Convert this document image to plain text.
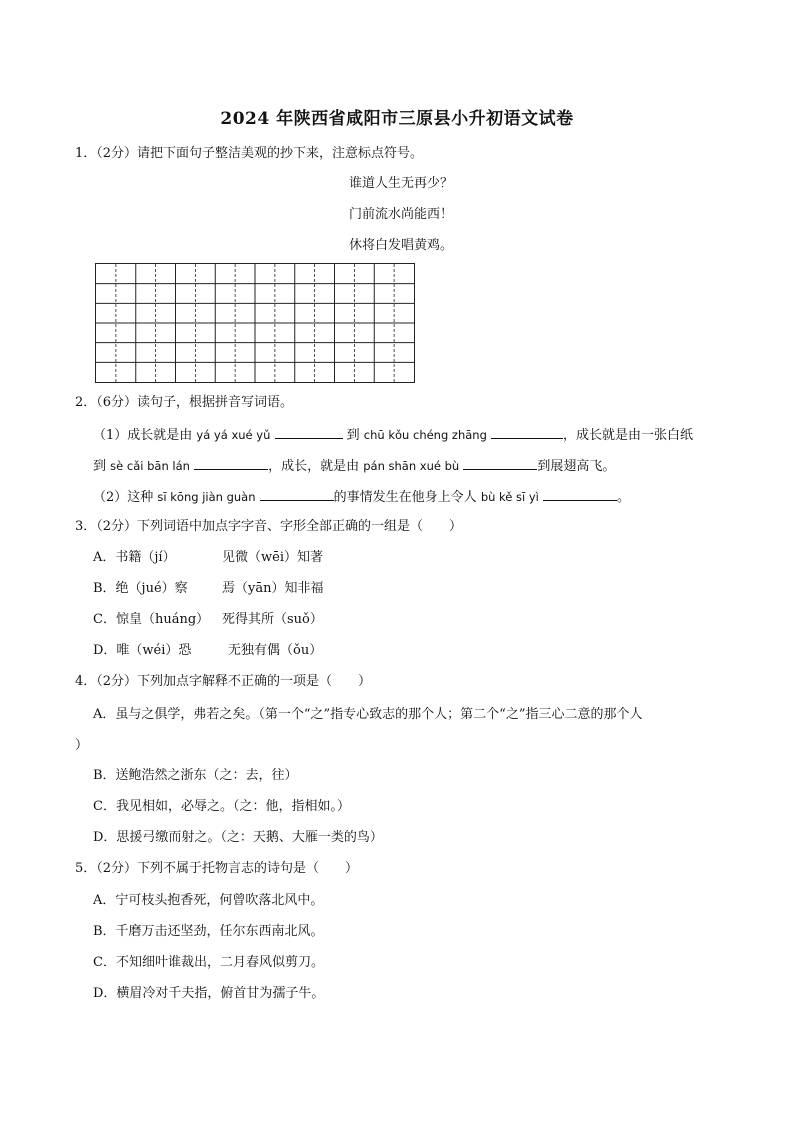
2024 年陕西省咸阳市三原县小升初语文试卷
1．（2分）请把下面句子整洁美观的抄下来，注意标点符号。
谁道人生无再少？
门前流水尚能西！
休将白发唱黄鸡。
2．（6分）读句子，根据拼音写词语。
（1）成长就是由 yá yá xué yǔ	到 chū kǒu chéng zhāng	，成长就是由一张白纸
到 sè cǎi bān lán	，成长，就是由 pán shān xué bù	到展翅高飞。
（2）这种 sī kōng jiàn guàn	的事情发生在他身上令人 bù kě sī yì	。
3．（2分）下列词语中加点字字音、字形全部正确的一组是（　　）
A．书籍（jí）	见微（wēi）知著
B．绝（jué）察	焉（yān）知非福
C．惊皇（huáng） 死得其所（suǒ）
D．唯（wéi）恐	无独有偶（ǒu）
4．（2分）下列加点字解释不正确的一项是（　　）
A．虽与之俱学，弗若之矣。（第一个“之”指专心致志的那个人；第二个“之”指三心二意的那个人
）
B．送鲍浩然之浙东（之：去，往）
C．我见相如，必辱之。（之：他，指相如。）
D．思援弓缴而射之。（之：天鹅、大雁一类的鸟）
5．（2分）下列不属于托物言志的诗句是（　　）
A．宁可枝头抱香死，何曾吹落北风中。
B．千磨万击还坚劲，任尔东西南北风。
C．不知细叶谁裁出，二月春风似剪刀。
D．横眉冷对千夫指，俯首甘为孺子牛。
